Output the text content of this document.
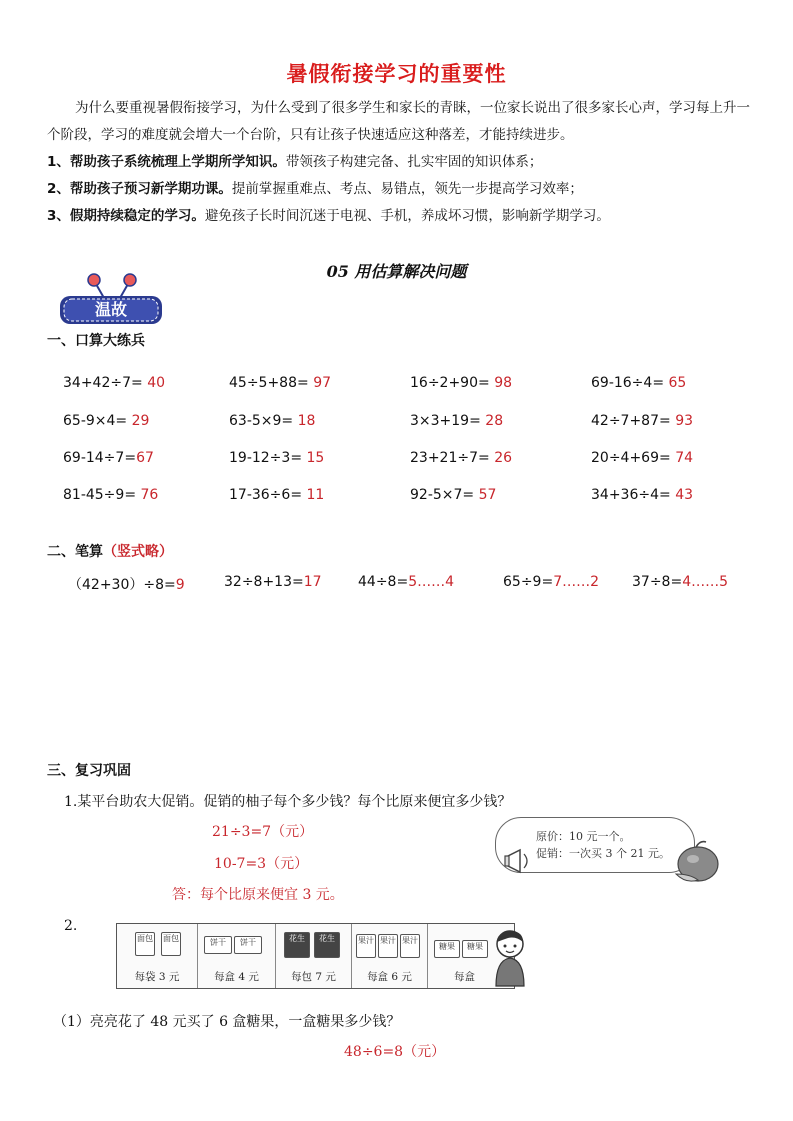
暑假衔接学习的重要性

为什么要重视暑假衔接学习，为什么受到了很多学生和家长的青睐，一位家长说出了很多家长心声，学习每上升一个阶段，学习的难度就会增大一个台阶，只有让孩子快速适应这种落差，才能持续进步。

1、帮助孩子系统梳理上学期所学知识。带领孩子构建完备、扎实牢固的知识体系；

2、帮助孩子预习新学期功课。提前掌握重难点、考点、易错点，领先一步提高学习效率；

3、假期持续稳定的学习。避免孩子长时间沉迷于电视、手机，养成坏习惯，影响新学期学习。

05 用估算解决问题
温故
一、口算大练兵
34+42÷7= 40	45÷5+88= 97	16÷2+90= 98	69-16÷4= 65
65-9×4= 29	63-5×9= 18	3×3+19= 28	42÷7+87= 93
69-14÷7=67	19-12÷3= 15	23+21÷7= 26	20÷4+69= 74
81-45÷9= 76	17-36÷6= 11	92-5×7= 57	34+36÷4= 43
二、笔算（竖式略）
（42+30）÷8=9	32÷8+13=17	44÷8=5……4	65÷9=7……2 37÷8=4……5
三、复习巩固
1.某平台助农大促销。促销的柚子每个多少钱？每个比原来便宜多少钱？
21÷3=7（元）
10-7=3（元）
答：每个比原来便宜 3 元。
原价：10 元一个。
促销：一次买 3 个 21 元。
2.
面包 面包
每袋 3 元
饼干	饼干
每盒 4 元
花生	花生
每包 7 元
果汁 果汁 果汁
每盒 6 元
糖果	糖果
每盒
（1）亮亮花了 48 元买了 6 盒糖果，一盒糖果多少钱？
48÷6=8（元）
